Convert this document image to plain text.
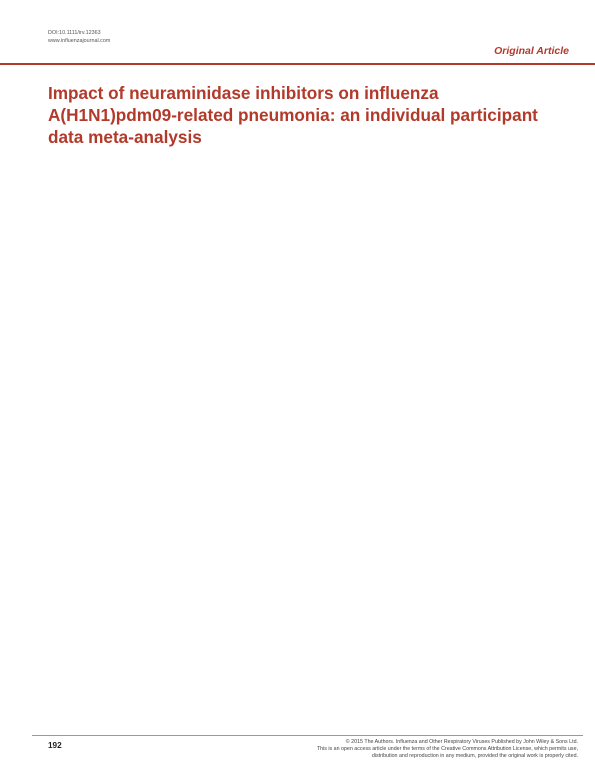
DOI:10.1111/irv.12363
www.influenzajournal.com
Original Article
Impact of neuraminidase inhibitors on influenza A(H1N1)pdm09-related pneumonia: an individual participant data meta-analysis
192	© 2015 The Authors. Influenza and Other Respiratory Viruses Published by John Wiley & Sons Ltd.
This is an open access article under the terms of the Creative Commons Attribution License, which permits use,
distribution and reproduction in any medium, provided the original work is properly cited.
